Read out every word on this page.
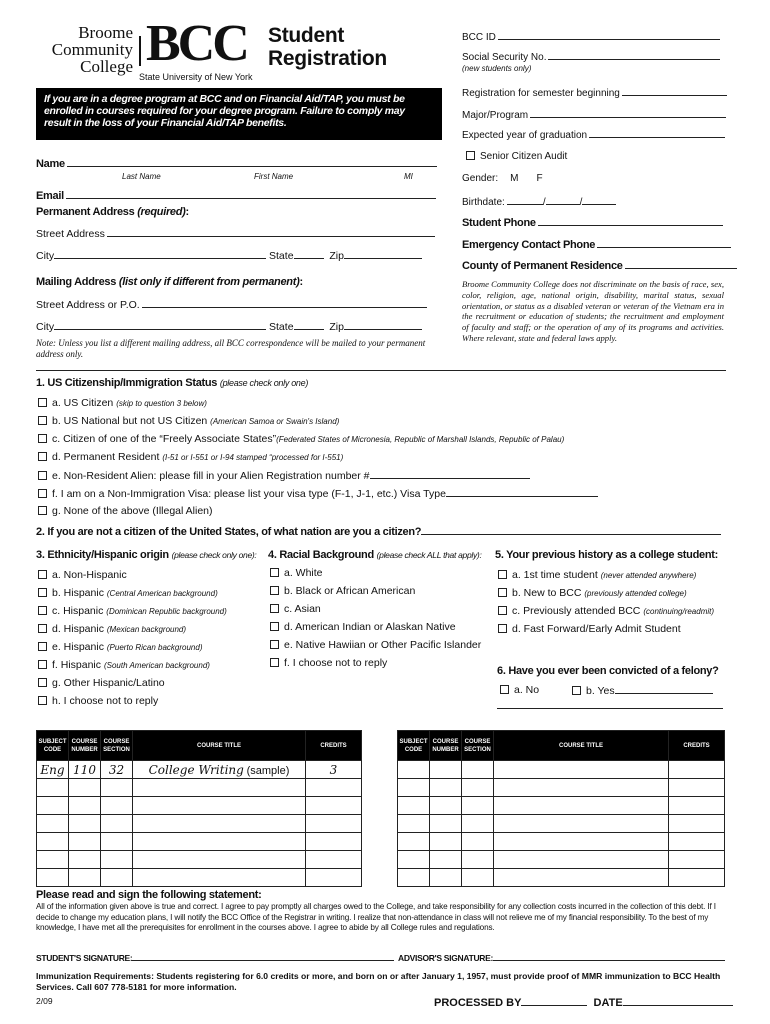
Broome
Community
College BCC
State University of New York
Student
Registration
If you are in a degree program at BCC and on Financial Aid/TAP, you must be enrolled in courses required for your degree program. Failure to comply may result in the loss of your Financial Aid/TAP benefits.
BCC ID
Social Security No.
(new students only)
Registration for semester beginning
Major/Program
Expected year of graduation
Senior Citizen Audit
Gender: M F
Birthdate:	/	/
Student Phone
Emergency Contact Phone
County of Permanent Residence
Broome Community College does not discriminate on the basis of race, sex, color, religion, age, national origin, disability, marital status, sexual orientation, or status as a disabled veteran or veteran of the Vietnam era in the recruitment or education of students; the recruitment and employment of faculty and staff; or the operation of any of its programs and activities. Where relevant, state and federal laws apply.
Name
Last Name	First Name	MI
Email
Permanent Address (required):
Street Address
City	State	Zip
Mailing Address (list only if different from permanent):
Street Address or P.O.
City	State	Zip
Note: Unless you list a different mailing address, all BCC correspondence will be mailed to your permanent address only.
1. US Citizenship/Immigration Status (please check only one)
a. US Citizen (skip to question 3 below)
b. US National but not US Citizen (American Samoa or Swain's Island)
c. Citizen of one of the “Freely Associate States”(Federated States of Micronesia, Republic of Marshall Islands, Republic of Palau)
d. Permanent Resident (I-51 or I-551 or I-94 stamped “processed for I-551)
e. Non-Resident Alien: please fill in your Alien Registration number #
f. I am on a Non-Immigration Visa: please list your visa type (F-1, J-1, etc.) Visa Type
g. None of the above (Illegal Alien)
2. If you are not a citizen of the United States, of what nation are you a citizen?
3. Ethnicity/Hispanic origin (please check only one):
a. Non-Hispanic
b. Hispanic (Central American background)
c. Hispanic (Dominican Republic background)
d. Hispanic (Mexican background)
e. Hispanic (Puerto Rican background)
f. Hispanic (South American background)
g. Other Hispanic/Latino
h. I choose not to reply
4. Racial Background (please check ALL that apply):
a. White
b. Black or African American
c. Asian
d. American Indian or Alaskan Native
e. Native Hawiian or Other Pacific Islander
f. I choose not to reply
5. Your previous history as a college student:
a. 1st time student (never attended anywhere)
b. New to BCC (previously attended college)
c. Previously attended BCC (continuing/readmit)
d. Fast Forward/Early Admit Student
6. Have you ever been convicted of a felony?
a. No	b. Yes
SUBJECT CODE	COURSE NUMBER	COURSE SECTION	COURSE TITLE	CREDITS
Eng	110	32	College Writing (sample)	3

SUBJECT CODE	COURSE NUMBER	COURSE SECTION	COURSE TITLE	CREDITS

Please read and sign the following statement:
All of the information given above is true and correct. I agree to pay promptly all charges owed to the College, and take responsibility for any collection costs incurred in the collection of this debt. If I decide to change my education plans, I will notify the BCC Office of the Registrar in writing. I realize that non-attendance in class will not relieve me of my financial responsibility. To the best of my knowledge, I have met all the prerequisites for enrollment in the courses above. I agree to abide by all College rules and regulations.
STUDENT'S SIGNATURE:	ADVISOR'S SIGNATURE:
Immunization Requirements: Students registering for 6.0 credits or more, and born on or after January 1, 1957, must provide proof of MMR immunization to BCC Health Services. Call 607 778-5181 for more information.
2/09	PROCESSED BY	DATE
